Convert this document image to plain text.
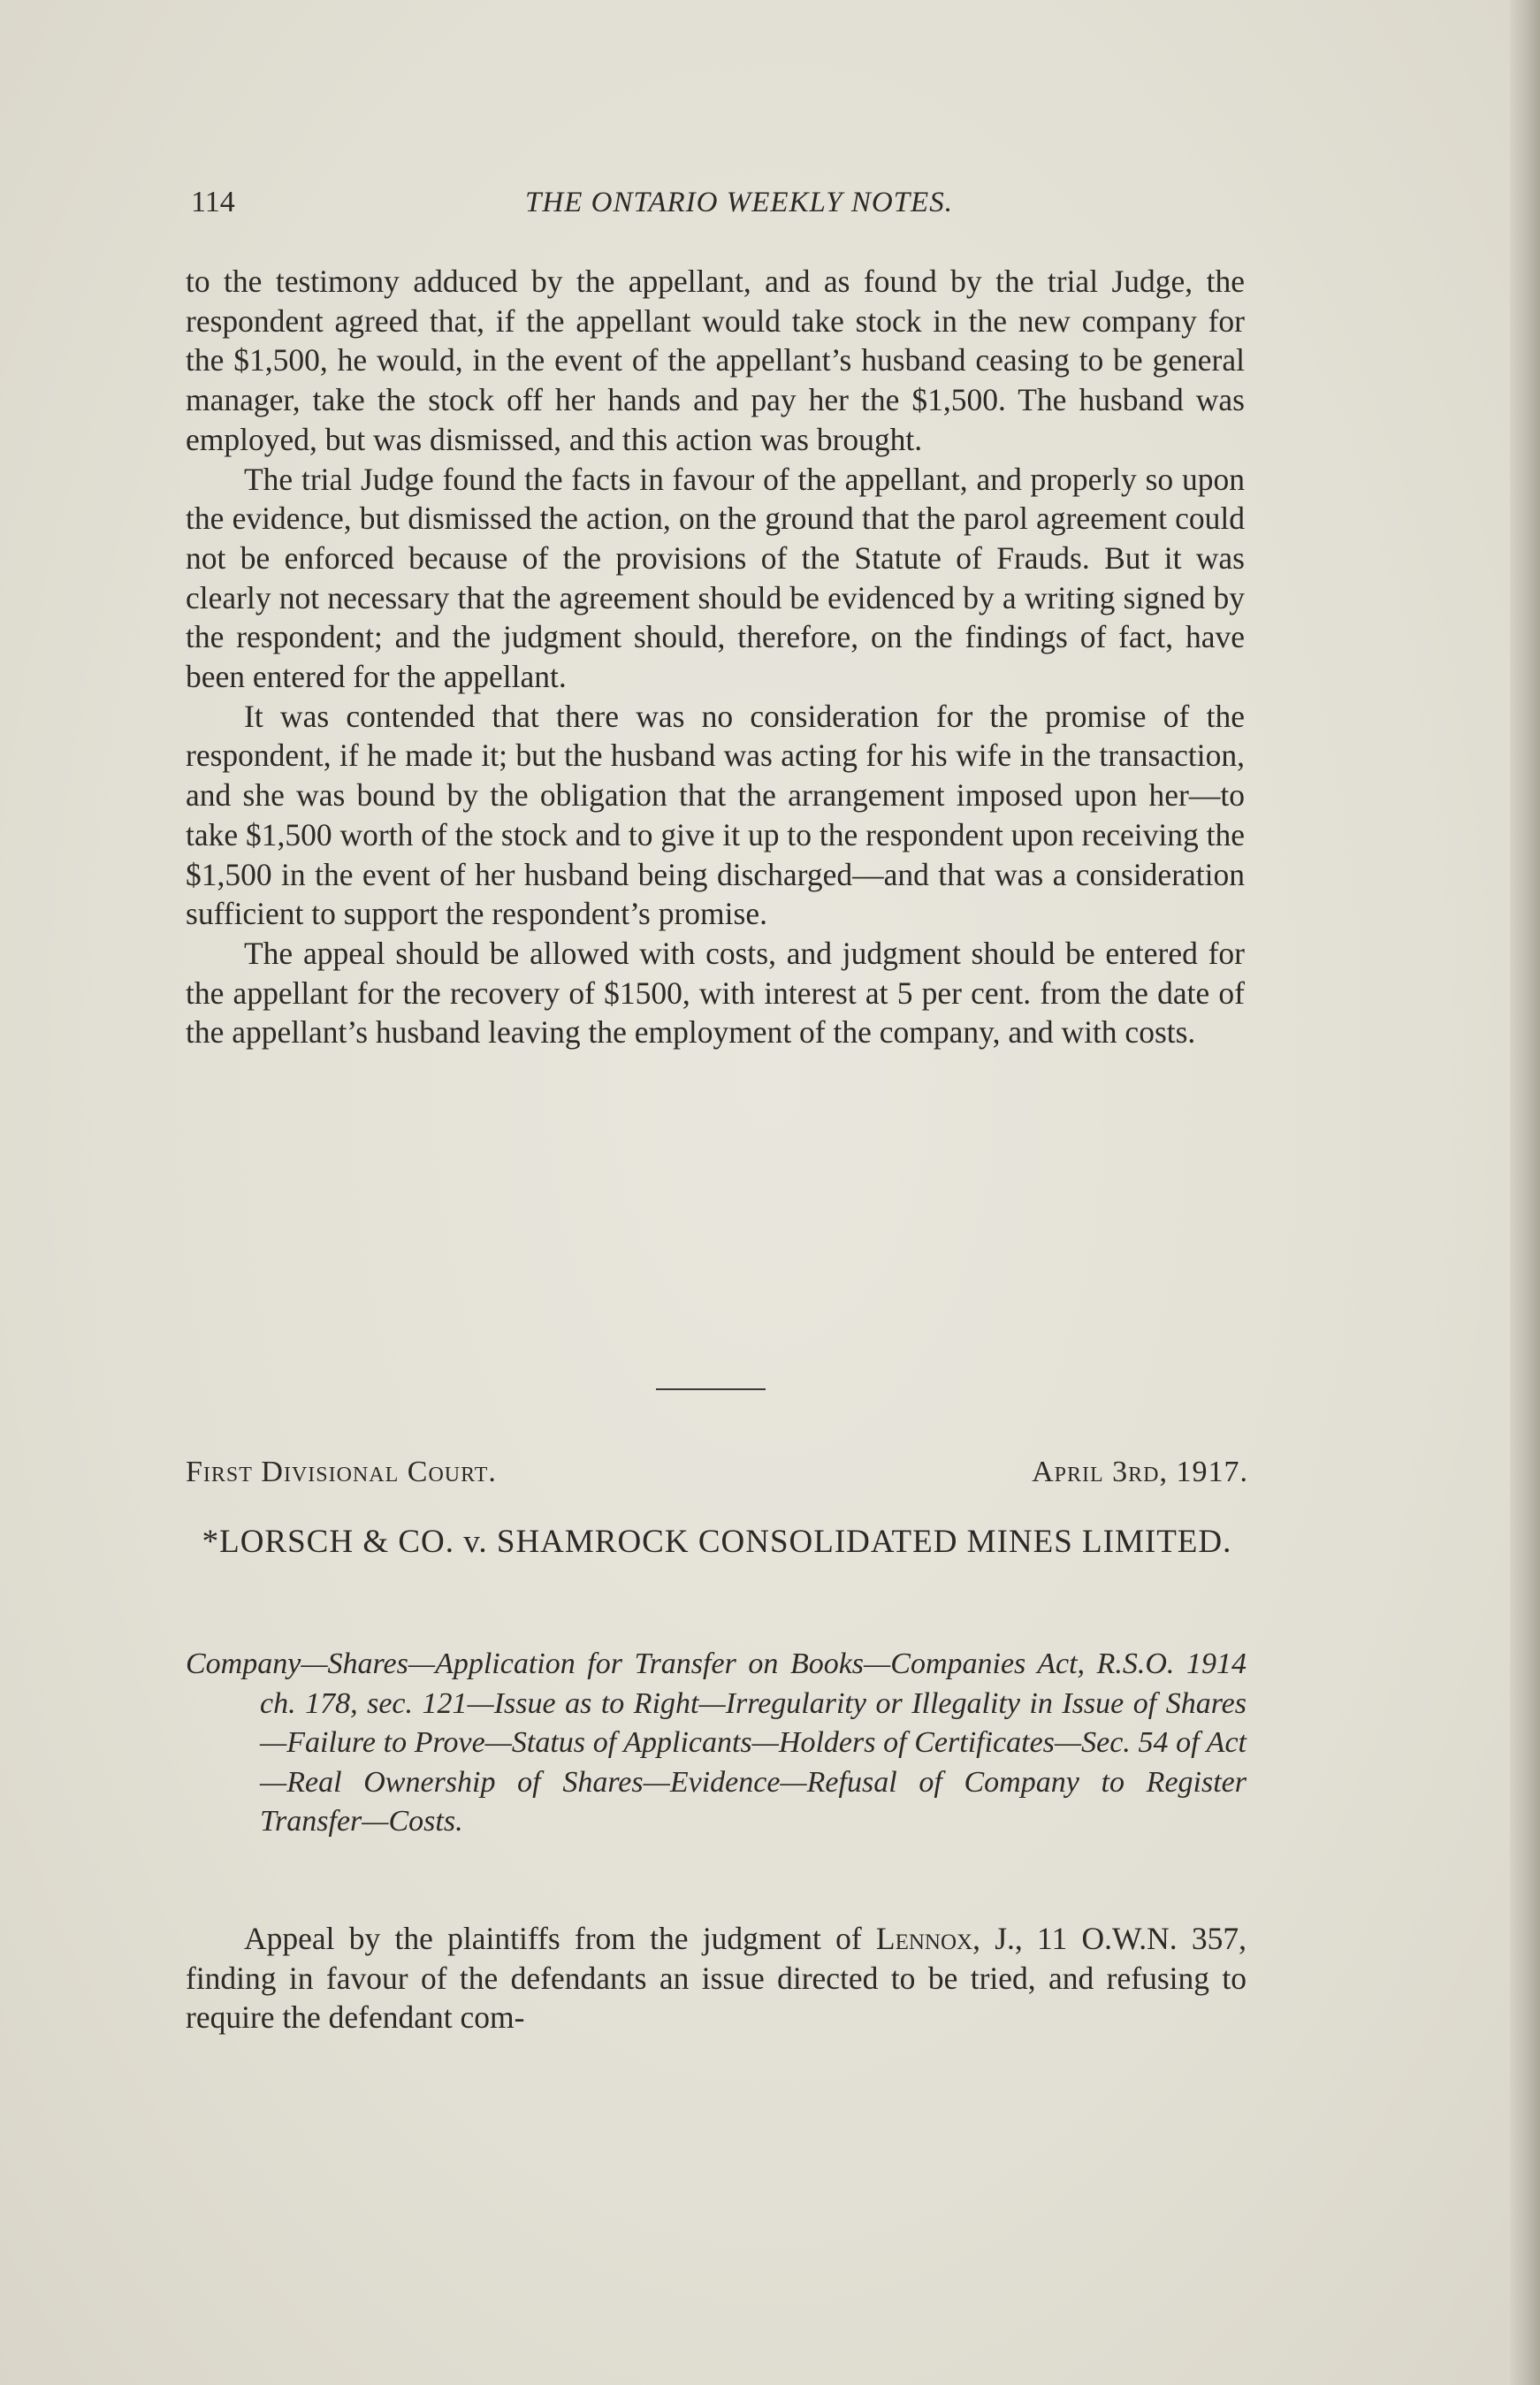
114	THE ONTARIO WEEKLY NOTES.

to the testimony adduced by the appellant, and as found by the trial Judge, the respondent agreed that, if the appellant would take stock in the new company for the $1,500, he would, in the event of the appellant’s husband ceasing to be general manager, take the stock off her hands and pay her the $1,500. The husband was employed, but was dismissed, and this action was brought.

The trial Judge found the facts in favour of the appellant, and properly so upon the evidence, but dismissed the action, on the ground that the parol agreement could not be enforced because of the provisions of the Statute of Frauds. But it was clearly not necessary that the agreement should be evidenced by a writing signed by the respondent; and the judgment should, therefore, on the findings of fact, have been entered for the appellant.

It was contended that there was no consideration for the promise of the respondent, if he made it; but the husband was acting for his wife in the transaction, and she was bound by the obligation that the arrangement imposed upon her—to take $1,500 worth of the stock and to give it up to the respondent upon receiving the $1,500 in the event of her husband being discharged—and that was a consideration sufficient to support the respondent’s promise.

The appeal should be allowed with costs, and judgment should be entered for the appellant for the recovery of $1500, with interest at 5 per cent. from the date of the appellant’s husband leaving the employment of the company, and with costs.

First Divisional Court.	April 3rd, 1917.
*LORSCH & CO. v. SHAMROCK CONSOLIDATED MINES LIMITED.
Company—Shares—Application for Transfer on Books—Companies Act, R.S.O. 1914 ch. 178, sec. 121—Issue as to Right—Irregularity or Illegality in Issue of Shares—Failure to Prove—Status of Applicants—Holders of Certificates—Sec. 54 of Act—Real Ownership of Shares—Evidence—Refusal of Company to Register Transfer—Costs.
Appeal by the plaintiffs from the judgment of Lennox, J., 11 O.W.N. 357, finding in favour of the defendants an issue directed to be tried, and refusing to require the defendant com-
